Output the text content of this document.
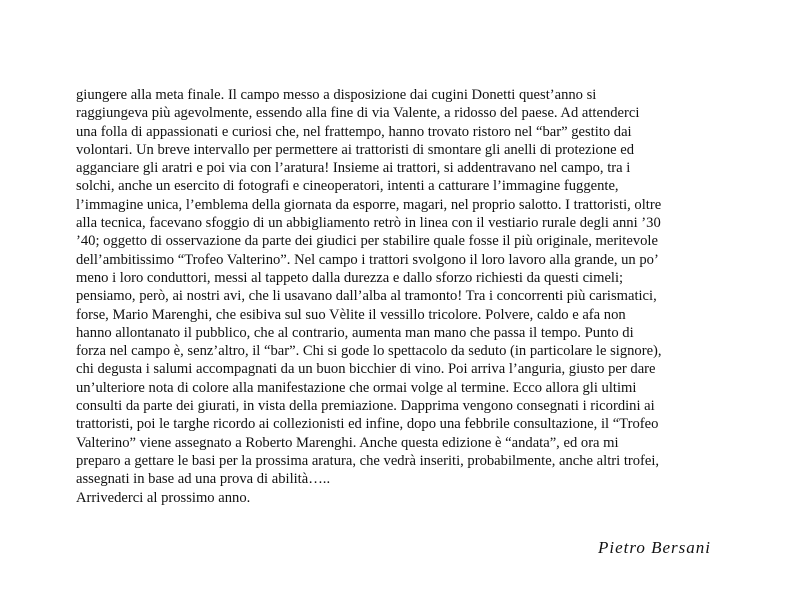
giungere alla meta finale. Il campo messo a disposizione dai cugini Donetti quest’anno si
raggiungeva più agevolmente, essendo alla fine di via Valente, a ridosso del paese. Ad attenderci
una folla di appassionati e curiosi che, nel frattempo, hanno trovato ristoro nel “bar” gestito dai
volontari. Un breve intervallo per permettere ai trattoristi di smontare gli anelli di protezione ed
agganciare gli aratri e poi via con l’aratura! Insieme ai trattori, si addentravano nel campo, tra i
solchi, anche un esercito di fotografi e cineoperatori, intenti a catturare l’immagine fuggente,
l’immagine unica, l’emblema della giornata da esporre, magari, nel proprio salotto. I trattoristi, oltre
alla tecnica, facevano sfoggio di un abbigliamento retrò in linea con il vestiario rurale degli anni ’30
’40; oggetto di osservazione da parte dei giudici per stabilire quale fosse il più originale, meritevole
dell’ambitissimo “Trofeo Valterino”. Nel campo i trattori svolgono il loro lavoro alla grande, un po’
meno i loro conduttori, messi al tappeto dalla durezza e dallo sforzo richiesti da questi cimeli;
pensiamo, però, ai nostri avi, che li usavano dall’alba al tramonto! Tra i concorrenti più carismatici,
forse, Mario Marenghi, che esibiva sul suo Vèlite il vessillo tricolore. Polvere, caldo e afa non
hanno allontanato il pubblico, che al contrario, aumenta man mano che passa il tempo. Punto di
forza nel campo è, senz’altro, il “bar”. Chi si gode lo spettacolo da seduto (in particolare le signore),
chi degusta i salumi accompagnati da un buon bicchier di vino. Poi arriva l’anguria, giusto per dare
un’ulteriore nota di colore alla manifestazione che ormai volge al termine. Ecco allora gli ultimi
consulti da parte dei giurati, in vista della premiazione. Dapprima vengono consegnati i ricordini ai
trattoristi, poi le targhe ricordo ai collezionisti ed infine, dopo una febbrile consultazione, il “Trofeo
Valterino” viene assegnato a Roberto Marenghi. Anche questa edizione è “andata”, ed ora mi
preparo a gettare le basi per la prossima aratura, che vedrà inseriti, probabilmente, anche altri trofei,
assegnati in base ad una prova di abilità…..
Arrivederci al prossimo anno.
Pietro Bersani
